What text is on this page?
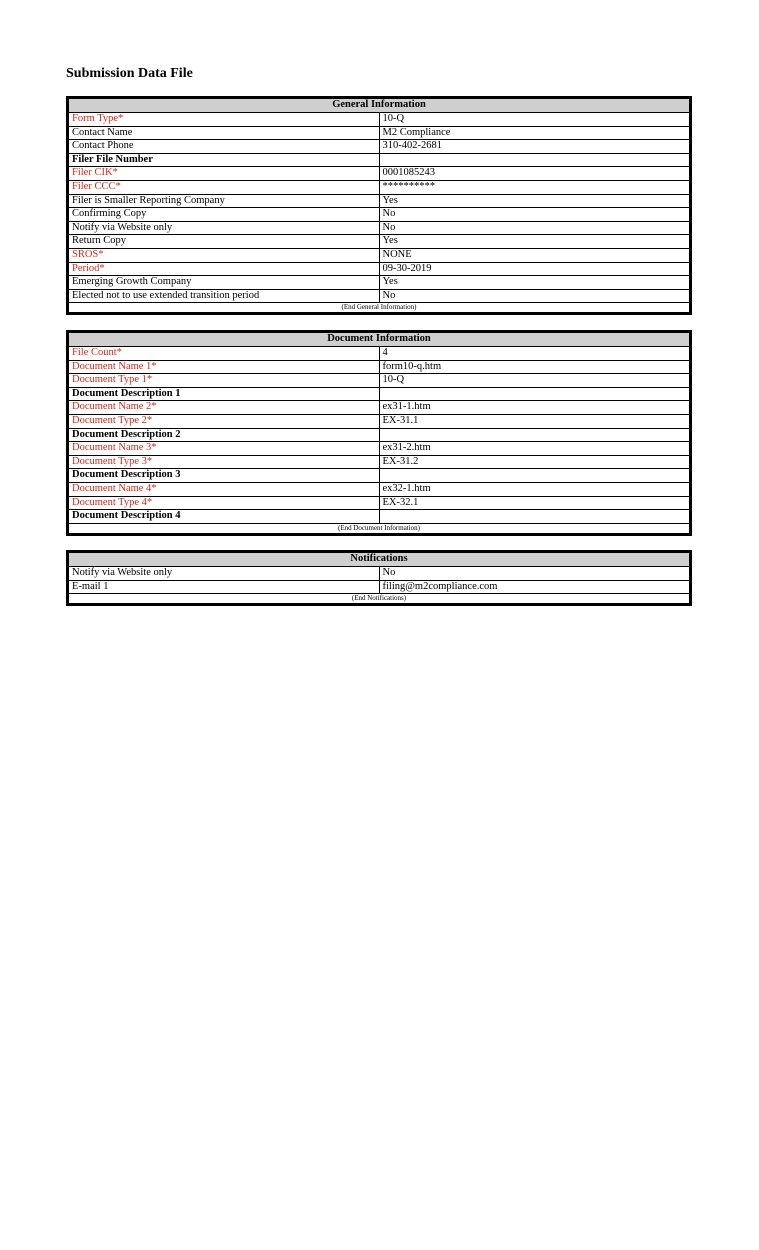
Submission Data File
General Information	
Form Type*	10-Q
Contact Name	M2 Compliance
Contact Phone	310-402-2681
Filer File Number	
Filer CIK*	0001085243
Filer CCC*	**********
Filer is Smaller Reporting Company	Yes
Confirming Copy	No
Notify via Website only	No
Return Copy	Yes
SROS*	NONE
Period*	09-30-2019
Emerging Growth Company	Yes
Elected not to use extended transition period	No
(End General Information)	
Document Information	
File Count*	4
Document Name 1*	form10-q.htm
Document Type 1*	10-Q
Document Description 1	
Document Name 2*	ex31-1.htm
Document Type 2*	EX-31.1
Document Description 2	
Document Name 3*	ex31-2.htm
Document Type 3*	EX-31.2
Document Description 3	
Document Name 4*	ex32-1.htm
Document Type 4*	EX-32.1
Document Description 4	
(End Document Information)	
Notifications	
Notify via Website only	No
E-mail 1	filing@m2compliance.com
(End Notifications)	
